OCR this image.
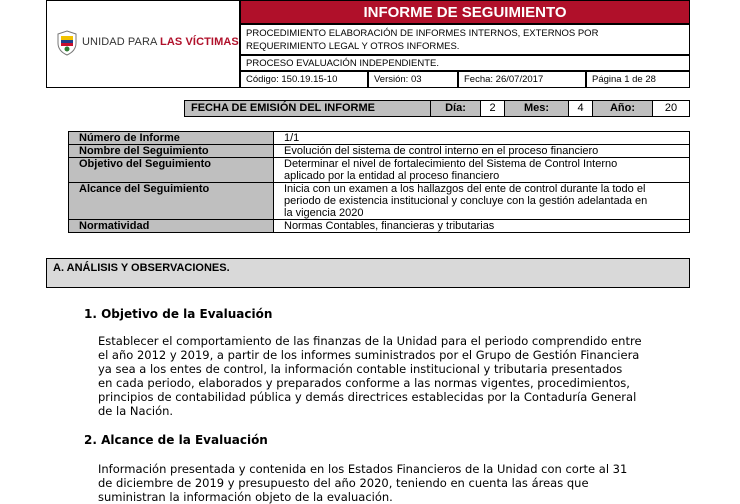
UNIDAD PARA LAS VÍCTIMAS
INFORME DE SEGUIMIENTO
PROCEDIMIENTO ELABORACIÓN DE INFORMES INTERNOS, EXTERNOS POR
REQUERIMIENTO LEGAL Y OTROS INFORMES.
PROCESO EVALUACIÓN INDEPENDIENTE.
Código: 150.19.15-10	Versión: 03	Fecha: 26/07/2017	Página 1 de 28
FECHA DE EMISIÓN DEL INFORME	Día:	2	Mes:	4	Año:	20
Número de Informe	1/1
Nombre del Seguimiento	Evolución del sistema de control interno en el proceso financiero
Objetivo del Seguimiento	Determinar el nivel de fortalecimiento del Sistema de Control Interno
aplicado por la entidad al proceso financiero

Alcance del Seguimiento	Inicia con un examen a los hallazgos del ente de control durante la todo el
periodo de existencia institucional y concluye con la gestión adelantada en
la vigencia 2020

Normatividad	Normas Contables, financieras y tributarias
A. ANÁLISIS Y OBSERVACIONES.
1. Objetivo de la Evaluación
Establecer el comportamiento de las finanzas de la Unidad para el periodo comprendido entre
el año 2012 y 2019, a partir de los informes suministrados por el Grupo de Gestión Financiera
ya sea a los entes de control, la información contable institucional y tributaria presentados
en cada periodo, elaborados y preparados conforme a las normas vigentes, procedimientos,
principios de contabilidad pública y demás directrices establecidas por la Contaduría General
de la Nación.
2. Alcance de la Evaluación
Información presentada y contenida en los Estados Financieros de la Unidad con corte al 31
de diciembre de 2019 y presupuesto del año 2020, teniendo en cuenta las áreas que
suministran la información objeto de la evaluación.
